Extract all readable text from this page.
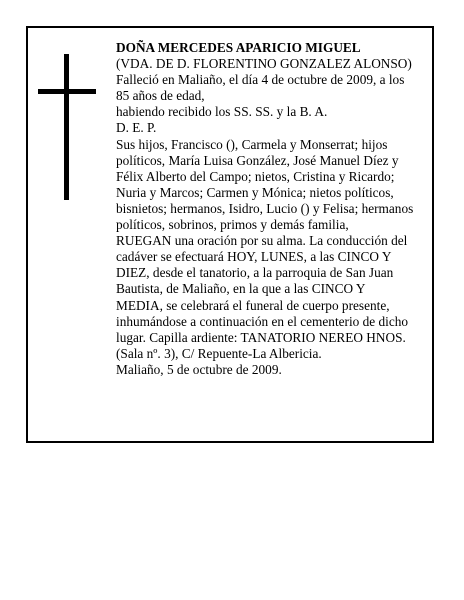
DOÑA MERCEDES APARICIO MIGUEL
(VDA. DE D. FLORENTINO GONZALEZ ALONSO)
Falleció en Maliaño, el día 4 de octubre de 2009, a los
85 años de edad,
habiendo recibido los SS. SS. y la B. A.
D. E. P.
Sus hijos, Francisco (), Carmela y Monserrat; hijos
políticos, María Luisa González, José Manuel Díez y
Félix Alberto del Campo; nietos, Cristina y Ricardo;
Nuria y Marcos; Carmen y Mónica; nietos políticos,
bisnietos; hermanos, Isidro, Lucio () y Felisa; hermanos
políticos, sobrinos, primos y demás familia,
RUEGAN una oración por su alma. La conducción del
cadáver se efectuará HOY, LUNES, a las CINCO Y
DIEZ, desde el tanatorio, a la parroquia de San Juan
Bautista, de Maliaño, en la que a las CINCO Y
MEDIA, se celebrará el funeral de cuerpo presente,
inhumándose a continuación en el cementerio de dicho
lugar. Capilla ardiente: TANATORIO NEREO HNOS.
(Sala nº. 3), C/ Repuente-La Albericia.
Maliaño, 5 de octubre de 2009.
